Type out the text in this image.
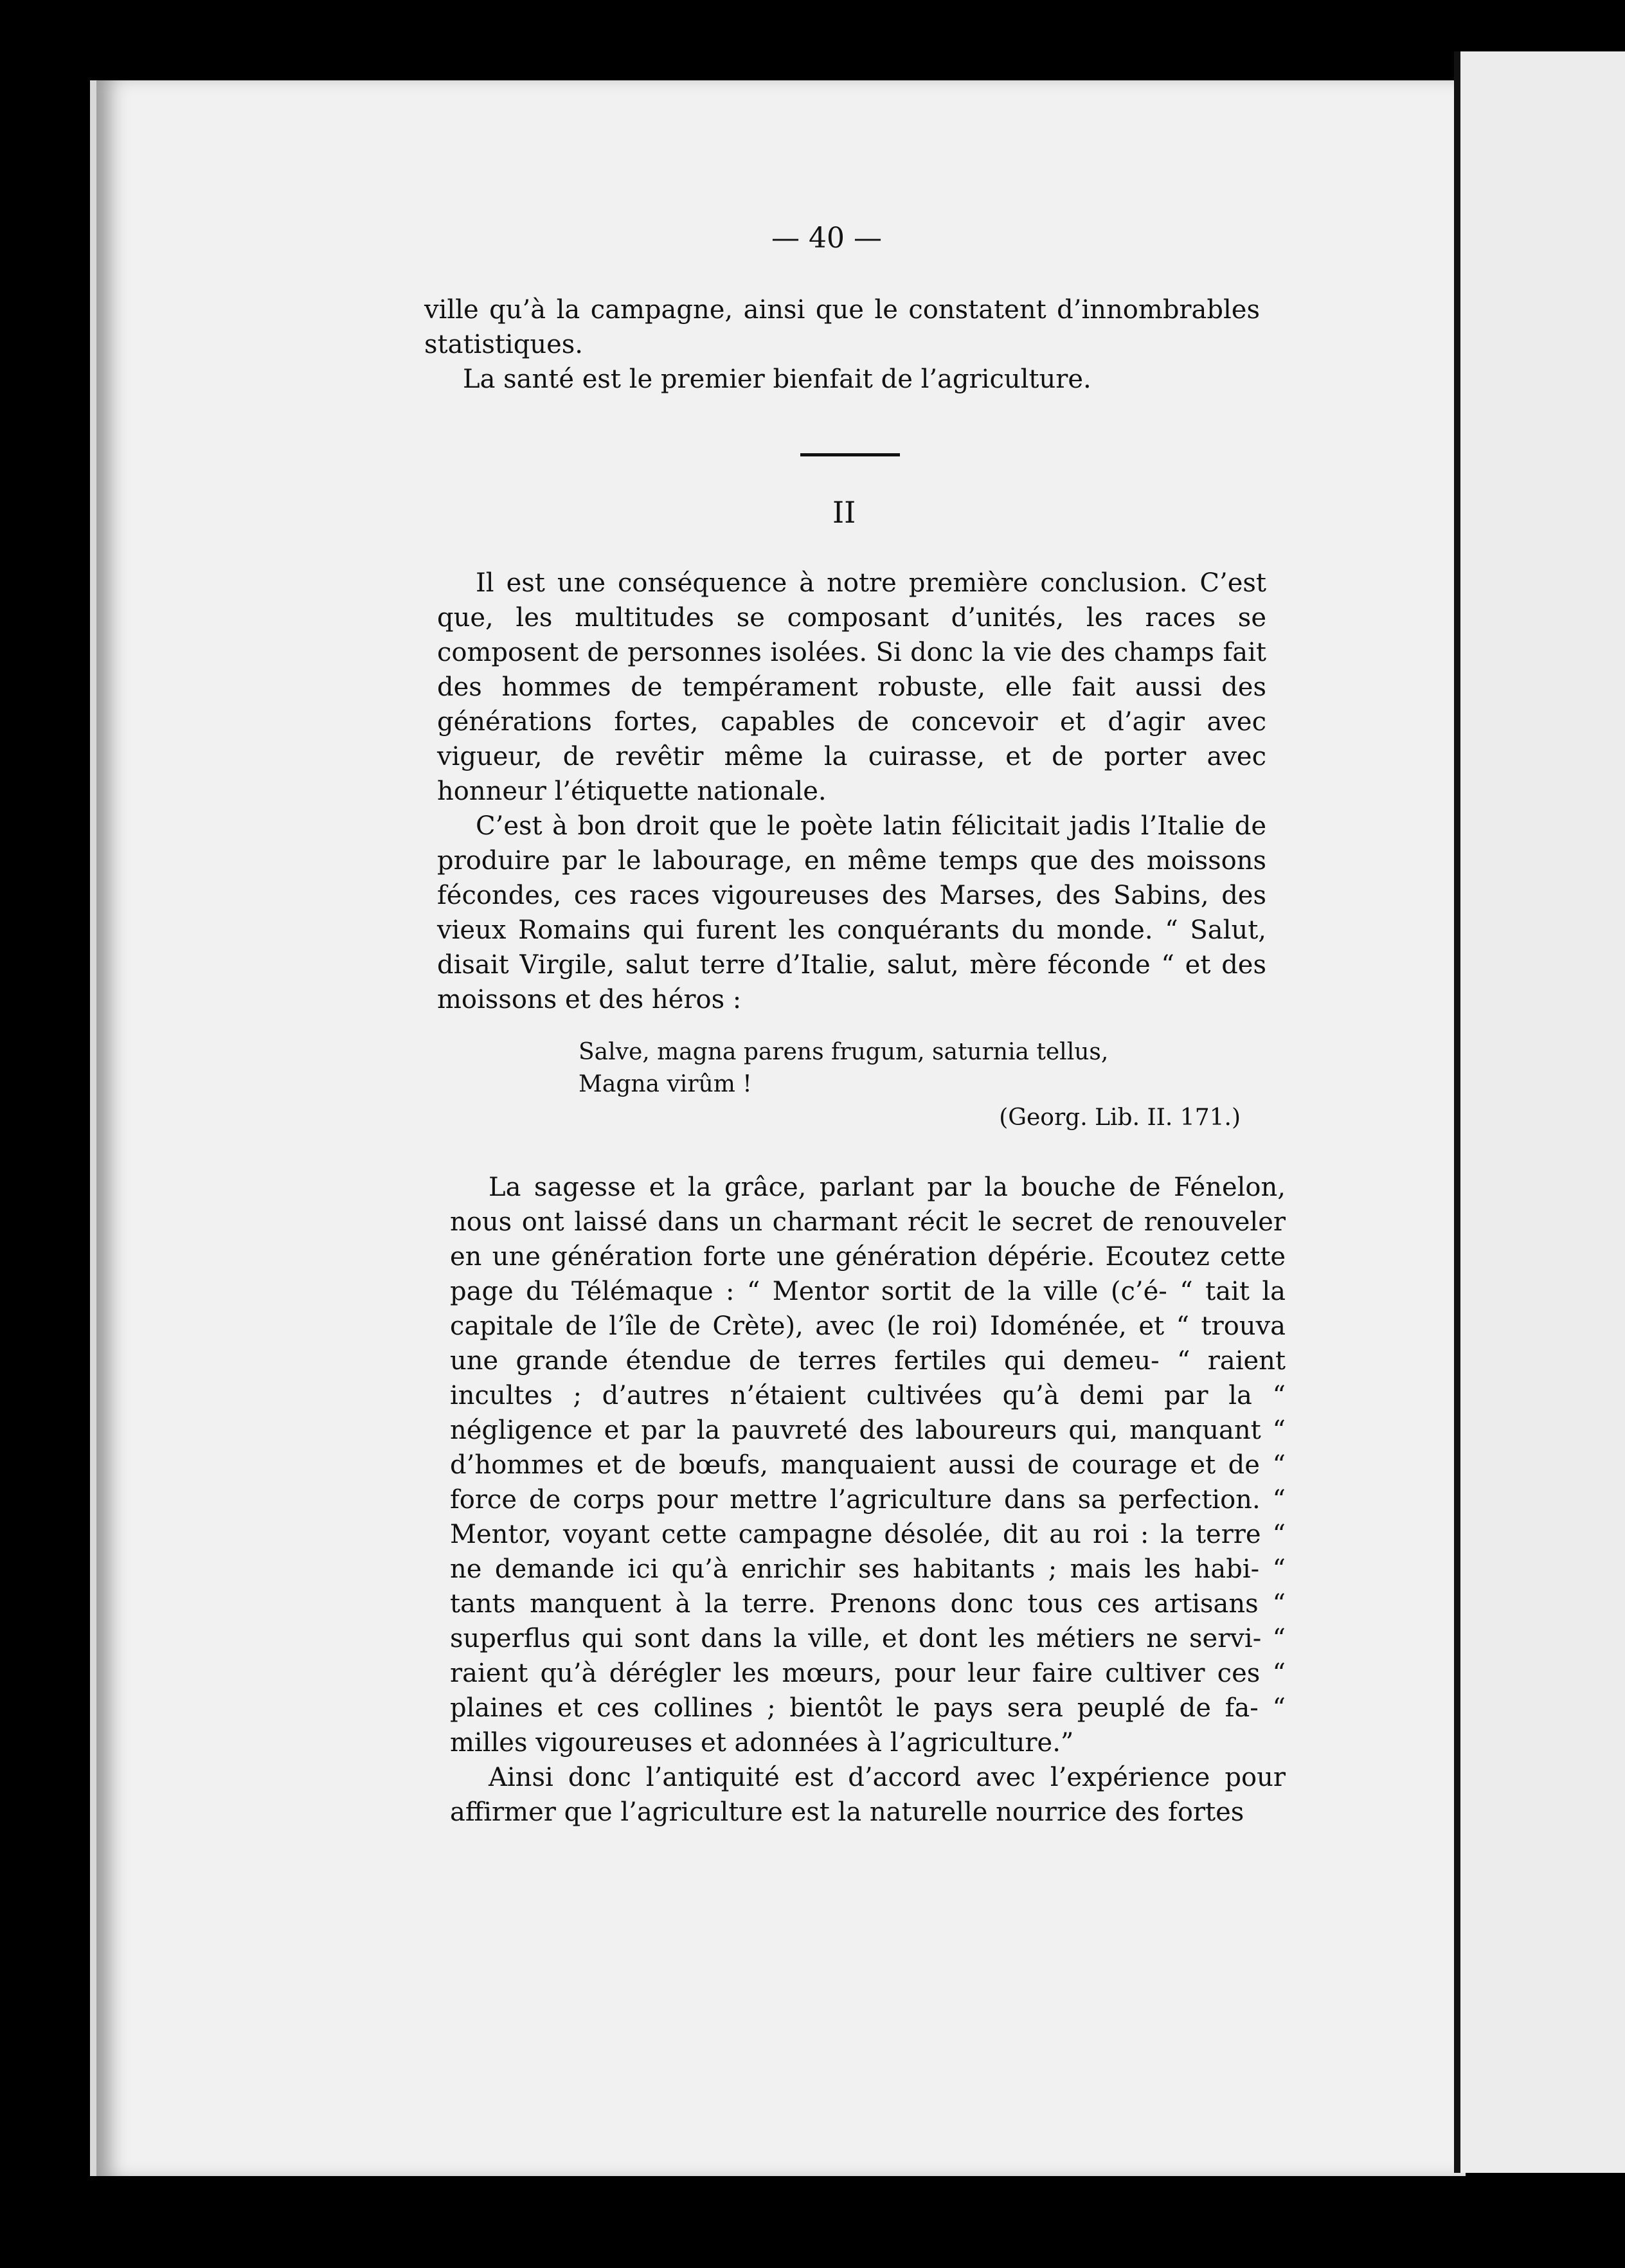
— 40 —

ville qu’à la campagne, ainsi que le constatent d’innombrables statistiques.

La santé est le premier bienfait de l’agriculture.

II

Il est une conséquence à notre première conclusion. C’est que, les multitudes se composant d’unités, les races se composent de personnes isolées. Si donc la vie des champs fait des hommes de tempérament robuste, elle fait aussi des générations fortes, capables de concevoir et d’agir avec vigueur, de revêtir même la cuirasse, et de porter avec honneur l’étiquette nationale.

C’est à bon droit que le poète latin félicitait jadis l’Italie de produire par le labourage, en même temps que des moissons fécondes, ces races vigoureuses des Marses, des Sabins, des vieux Romains qui furent les conquérants du monde. “ Salut, disait Virgile, salut terre d’Italie, salut, mère féconde “ et des moissons et des héros :

Salve, magna parens frugum, saturnia tellus,

Magna virûm !

(Georg. Lib. II. 171.)

La sagesse et la grâce, parlant par la bouche de Fénelon, nous ont laissé dans un charmant récit le secret de renouveler en une génération forte une génération dépérie. Ecoutez cette page du Télémaque : “ Mentor sortit de la ville (c’é- “ tait la capitale de l’île de Crète), avec (le roi) Idoménée, et “ trouva une grande étendue de terres fertiles qui demeu- “ raient incultes ; d’autres n’étaient cultivées qu’à demi par la “ négligence et par la pauvreté des laboureurs qui, manquant “ d’hommes et de bœufs, manquaient aussi de courage et de “ force de corps pour mettre l’agriculture dans sa perfection. “ Mentor, voyant cette campagne désolée, dit au roi : la terre “ ne demande ici qu’à enrichir ses habitants ; mais les habi- “ tants manquent à la terre. Prenons donc tous ces artisans “ superflus qui sont dans la ville, et dont les métiers ne servi- “ raient qu’à dérégler les mœurs, pour leur faire cultiver ces “ plaines et ces collines ; bientôt le pays sera peuplé de fa- “ milles vigoureuses et adonnées à l’agriculture.”

Ainsi donc l’antiquité est d’accord avec l’expérience pour affirmer que l’agriculture est la naturelle nourrice des fortes
